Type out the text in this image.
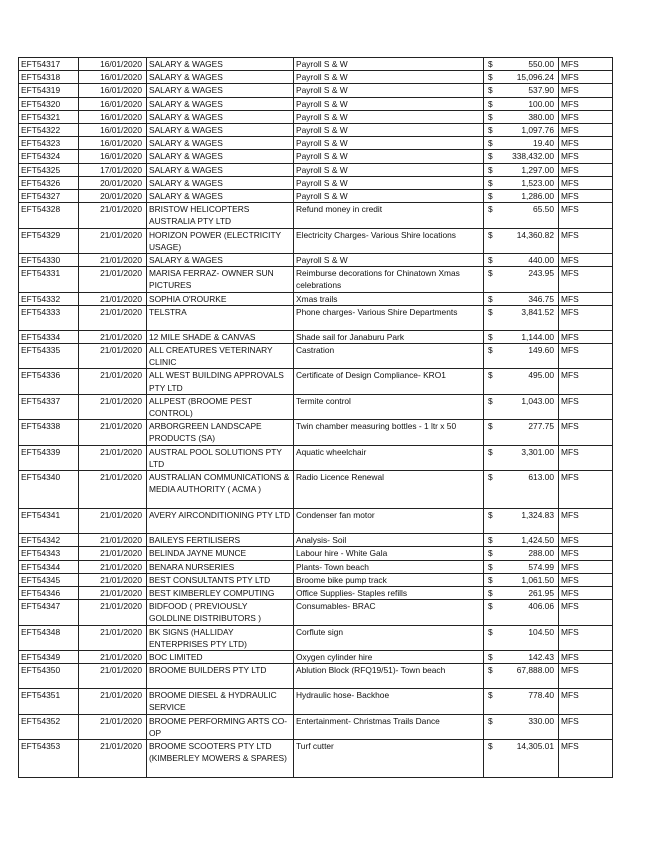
EFT54317	16/01/2020	SALARY & WAGES	Payroll S & W	$	550.00	MFS
EFT54318	16/01/2020	SALARY & WAGES	Payroll S & W	$	15,096.24	MFS
EFT54319	16/01/2020	SALARY & WAGES	Payroll S & W	$	537.90	MFS
EFT54320	16/01/2020	SALARY & WAGES	Payroll S & W	$	100.00	MFS
EFT54321	16/01/2020	SALARY & WAGES	Payroll S & W	$	380.00	MFS
EFT54322	16/01/2020	SALARY & WAGES	Payroll S & W	$	1,097.76	MFS
EFT54323	16/01/2020	SALARY & WAGES	Payroll S & W	$	19.40	MFS
EFT54324	16/01/2020	SALARY & WAGES	Payroll S & W	$	338,432.00	MFS
EFT54325	17/01/2020	SALARY & WAGES	Payroll S & W	$	1,297.00	MFS
EFT54326	20/01/2020	SALARY & WAGES	Payroll S & W	$	1,523.00	MFS
EFT54327	20/01/2020	SALARY & WAGES	Payroll S & W	$	1,286.00	MFS
EFT54328	21/01/2020	BRISTOW HELICOPTERS AUSTRALIA PTY LTD	Refund money in credit	$	65.50	MFS
EFT54329	21/01/2020	HORIZON POWER (ELECTRICITY USAGE)	Electricity Charges- Various Shire locations	$	14,360.82	MFS
EFT54330	21/01/2020	SALARY & WAGES	Payroll S & W	$	440.00	MFS
EFT54331	21/01/2020	MARISA FERRAZ- OWNER SUN PICTURES	Reimburse decorations for Chinatown Xmas celebrations	$	243.95	MFS
EFT54332	21/01/2020	SOPHIA O'ROURKE	Xmas trails	$	346.75	MFS
EFT54333	21/01/2020	TELSTRA	Phone charges- Various Shire Departments	$	3,841.52	MFS
EFT54334	21/01/2020	12 MILE SHADE & CANVAS	Shade sail for Janaburu Park	$	1,144.00	MFS
EFT54335	21/01/2020	ALL CREATURES VETERINARY CLINIC	Castration	$	149.60	MFS
EFT54336	21/01/2020	ALL WEST BUILDING APPROVALS PTY LTD	Certificate of Design Compliance- KRO1	$	495.00	MFS
EFT54337	21/01/2020	ALLPEST (BROOME PEST CONTROL)	Termite control	$	1,043.00	MFS
EFT54338	21/01/2020	ARBORGREEN LANDSCAPE PRODUCTS (SA)	Twin chamber measuring bottles - 1 ltr x 50	$	277.75	MFS
EFT54339	21/01/2020	AUSTRAL POOL SOLUTIONS PTY LTD	Aquatic wheelchair	$	3,301.00	MFS
EFT54340	21/01/2020	AUSTRALIAN COMMUNICATIONS & MEDIA AUTHORITY ( ACMA )	Radio Licence Renewal	$	613.00	MFS
EFT54341	21/01/2020	AVERY AIRCONDITIONING PTY LTD	Condenser fan motor	$	1,324.83	MFS
EFT54342	21/01/2020	BAILEYS FERTILISERS	Analysis- Soil	$	1,424.50	MFS
EFT54343	21/01/2020	BELINDA JAYNE MUNCE	Labour hire - White Gala	$	288.00	MFS
EFT54344	21/01/2020	BENARA NURSERIES	Plants- Town beach	$	574.99	MFS
EFT54345	21/01/2020	BEST CONSULTANTS PTY LTD	Broome bike pump track	$	1,061.50	MFS
EFT54346	21/01/2020	BEST KIMBERLEY COMPUTING	Office Supplies- Staples refills	$	261.95	MFS
EFT54347	21/01/2020	BIDFOOD ( PREVIOUSLY GOLDLINE DISTRIBUTORS )	Consumables- BRAC	$	406.06	MFS
EFT54348	21/01/2020	BK SIGNS (HALLIDAY ENTERPRISES PTY LTD)	Corflute sign	$	104.50	MFS
EFT54349	21/01/2020	BOC LIMITED	Oxygen cylinder hire	$	142.43	MFS
EFT54350	21/01/2020	BROOME BUILDERS PTY LTD	Ablution Block (RFQ19/51)- Town beach	$	67,888.00	MFS
EFT54351	21/01/2020	BROOME DIESEL & HYDRAULIC SERVICE	Hydraulic hose- Backhoe	$	778.40	MFS
EFT54352	21/01/2020	BROOME PERFORMING ARTS CO-OP	Entertainment- Christmas Trails Dance	$	330.00	MFS
EFT54353	21/01/2020	BROOME SCOOTERS PTY LTD (KIMBERLEY MOWERS & SPARES)	Turf cutter	$	14,305.01	MFS
